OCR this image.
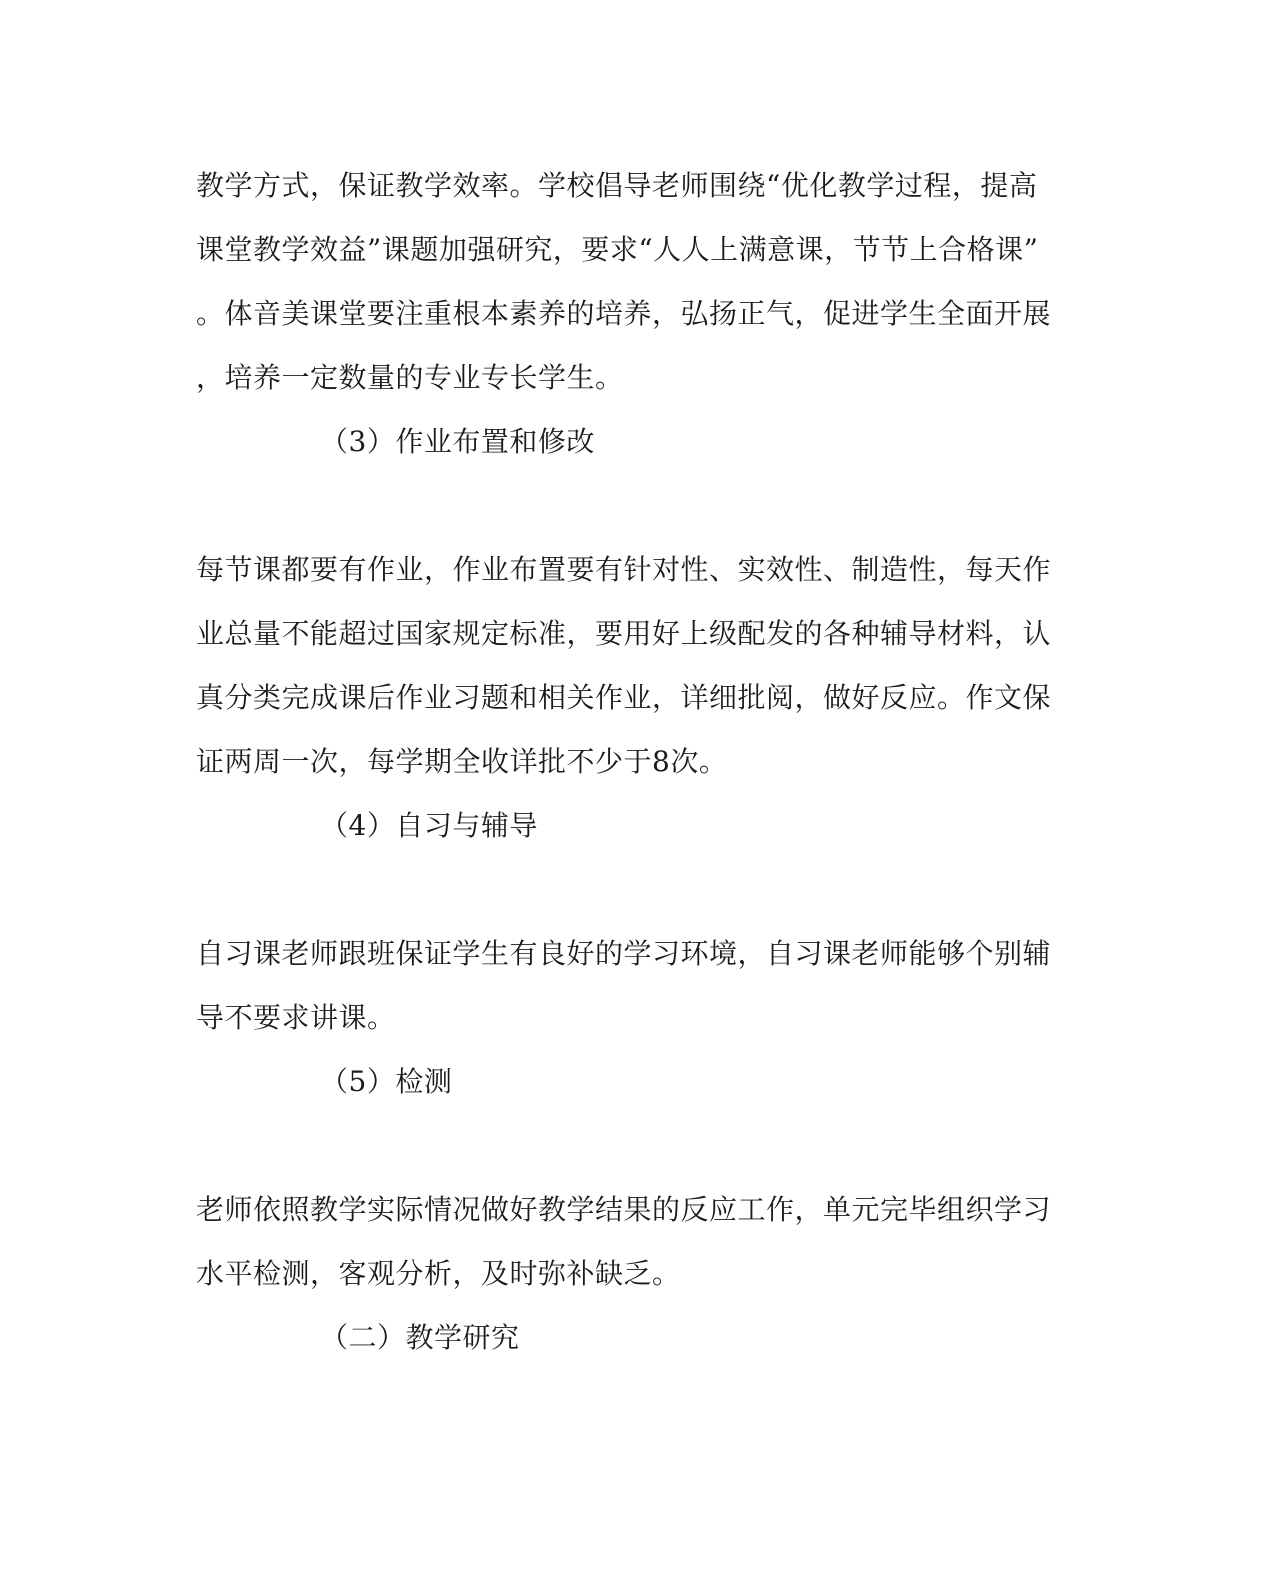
教学方式，保证教学效率。学校倡导老师围绕“优化教学过程，提高
课堂教学效益”课题加强研究，要求“人人上满意课，节节上合格课”
。体音美课堂要注重根本素养的培养，弘扬正气，促进学生全面开展
，培养一定数量的专业专长学生。
（3）作业布置和修改
每节课都要有作业，作业布置要有针对性、实效性、制造性，每天作
业总量不能超过国家规定标准，要用好上级配发的各种辅导材料，认
真分类完成课后作业习题和相关作业，详细批阅，做好反应。作文保
证两周一次，每学期全收详批不少于8次。
（4）自习与辅导
自习课老师跟班保证学生有良好的学习环境，自习课老师能够个别辅
导不要求讲课。
（5）检测
老师依照教学实际情况做好教学结果的反应工作，单元完毕组织学习
水平检测，客观分析，及时弥补缺乏。
（二）教学研究
